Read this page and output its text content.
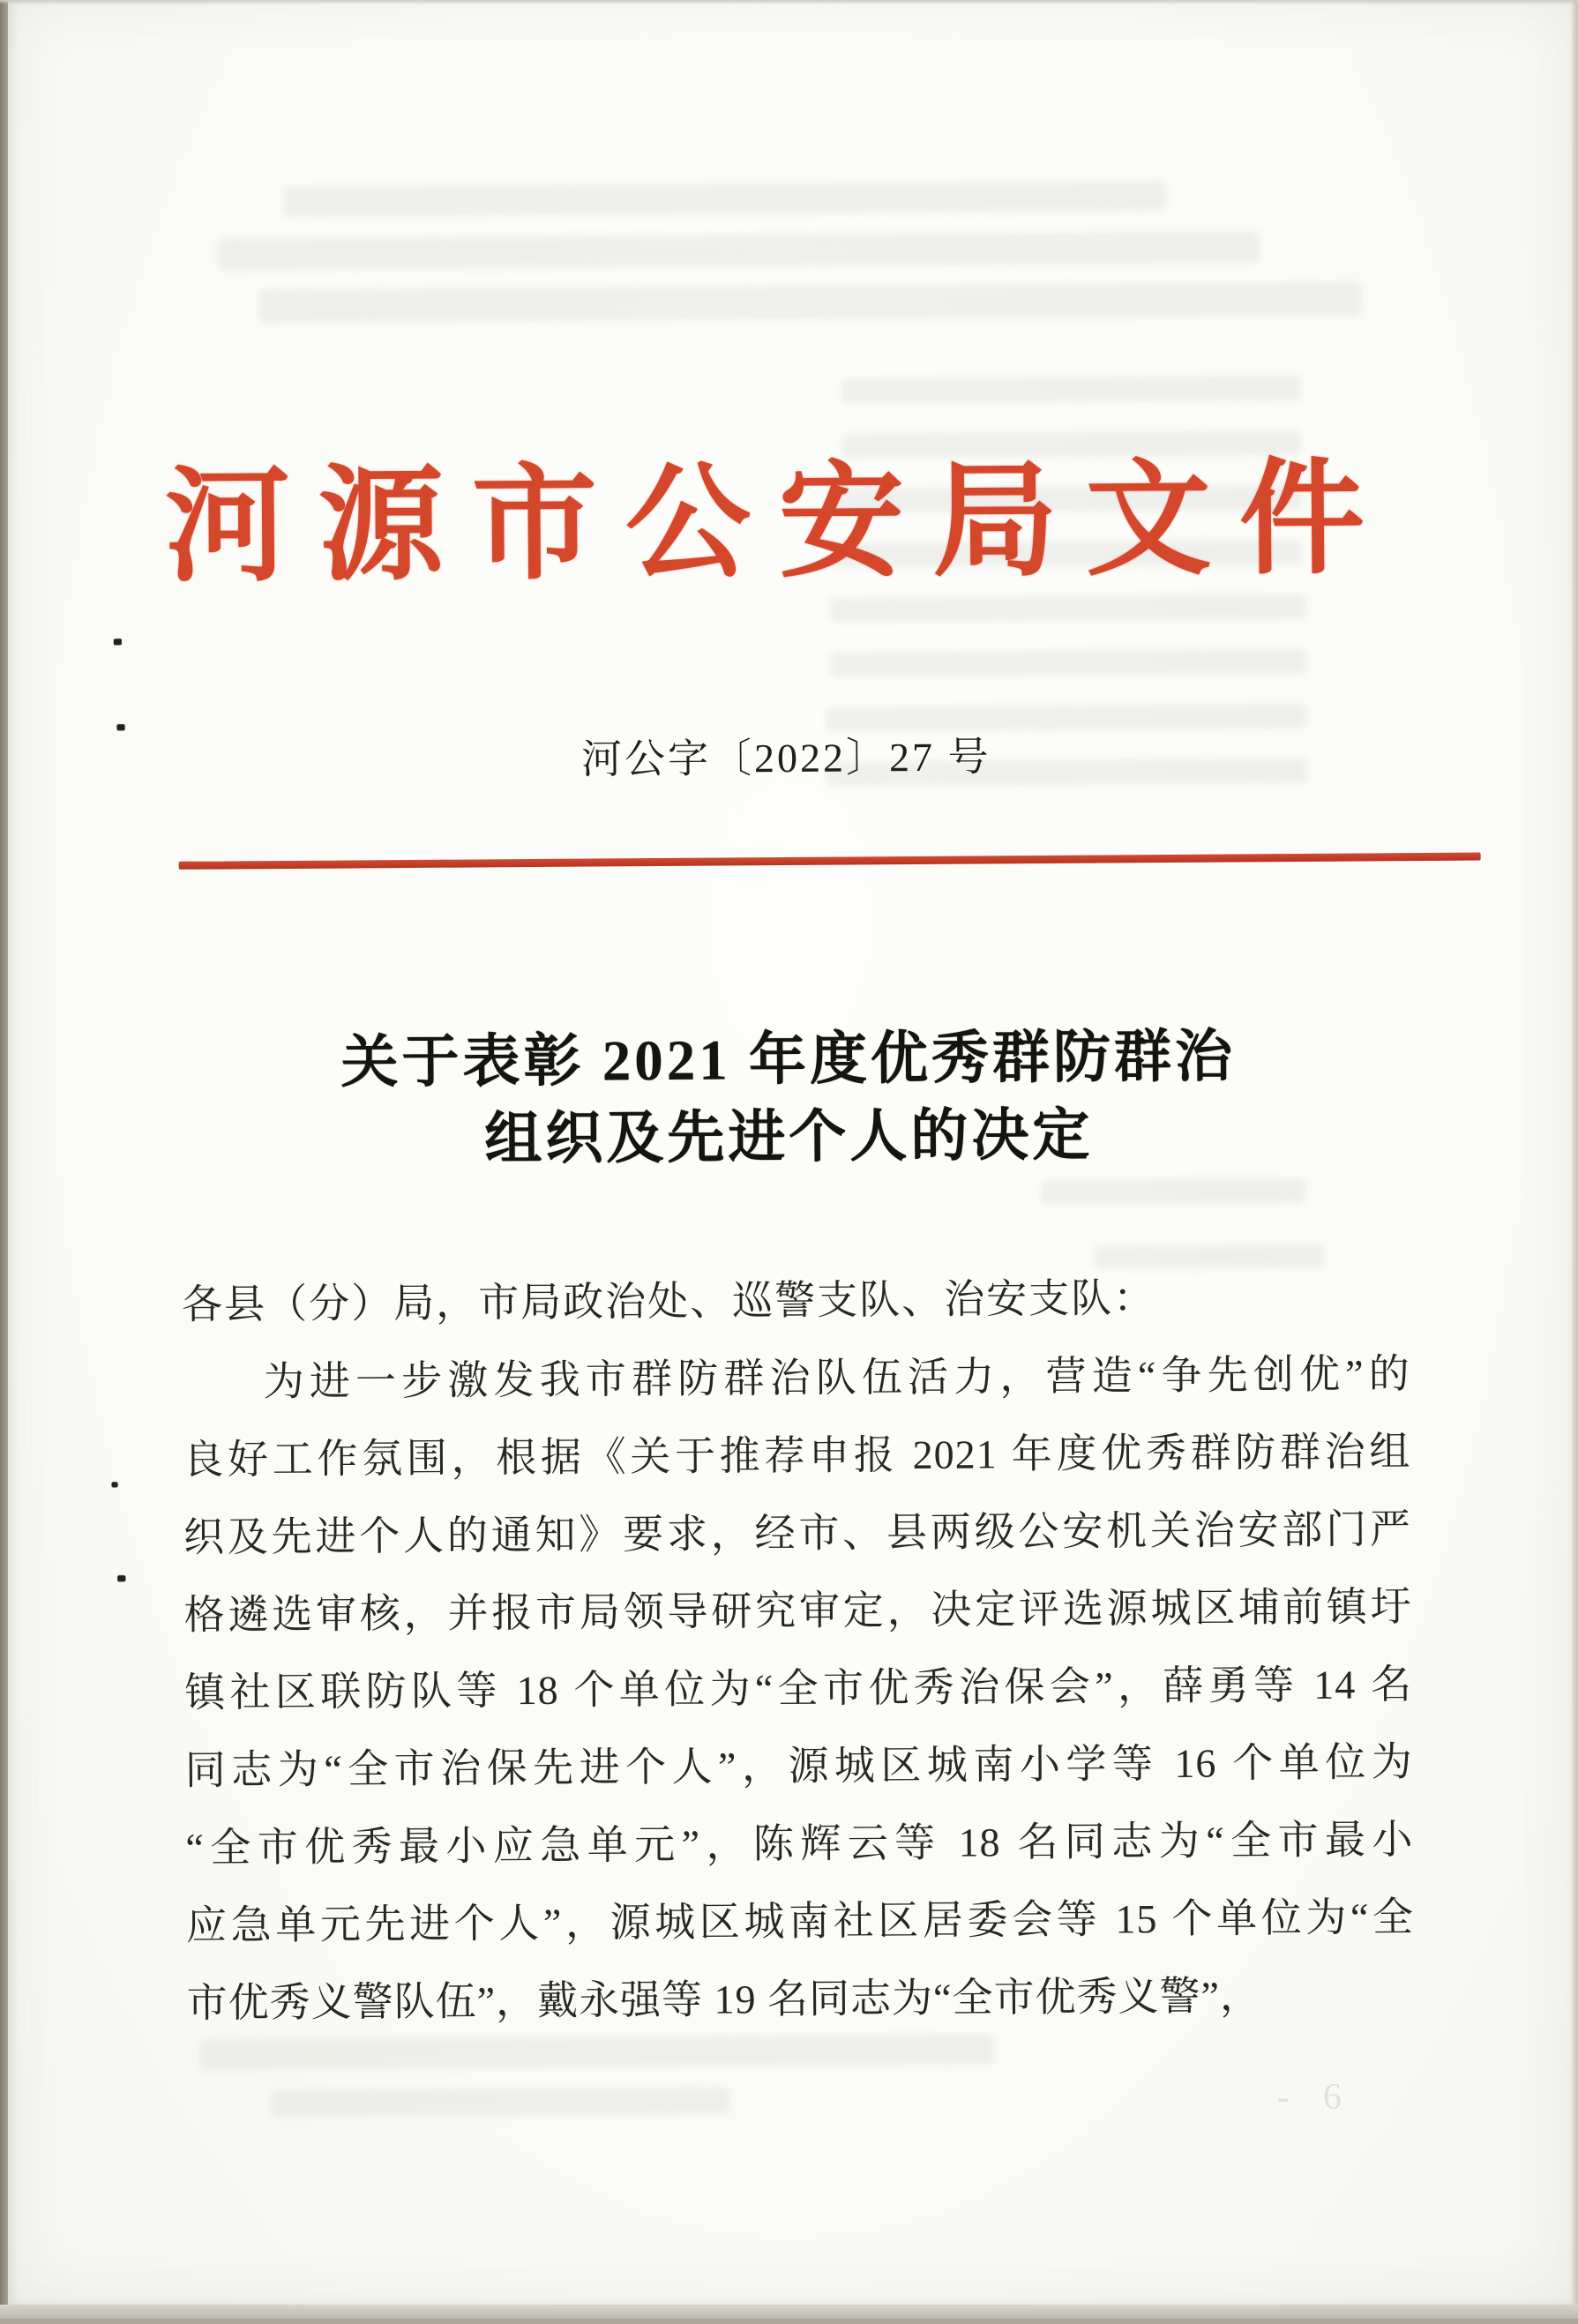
河源市公安局文件
河公字〔2022〕27 号
关于表彰 2021 年度优秀群防群治
组织及先进个人的决定
各县（分）局，市局政治处、巡警支队、治安支队：
为进一步激发我市群防群治队伍活力，营造“争先创优”的
良好工作氛围，根据《关于推荐申报 2021 年度优秀群防群治组
织及先进个人的通知》要求，经市、县两级公安机关治安部门严
格遴选审核，并报市局领导研究审定，决定评选源城区埔前镇圩
镇社区联防队等 18 个单位为“全市优秀治保会”，薛勇等 14 名
同志为“全市治保先进个人”，源城区城南小学等 16 个单位为
“全市优秀最小应急单元”，陈辉云等 18 名同志为“全市最小
应急单元先进个人”，源城区城南社区居委会等 15 个单位为“全
市优秀义警队伍”，戴永强等 19 名同志为“全市优秀义警”，
- 6
